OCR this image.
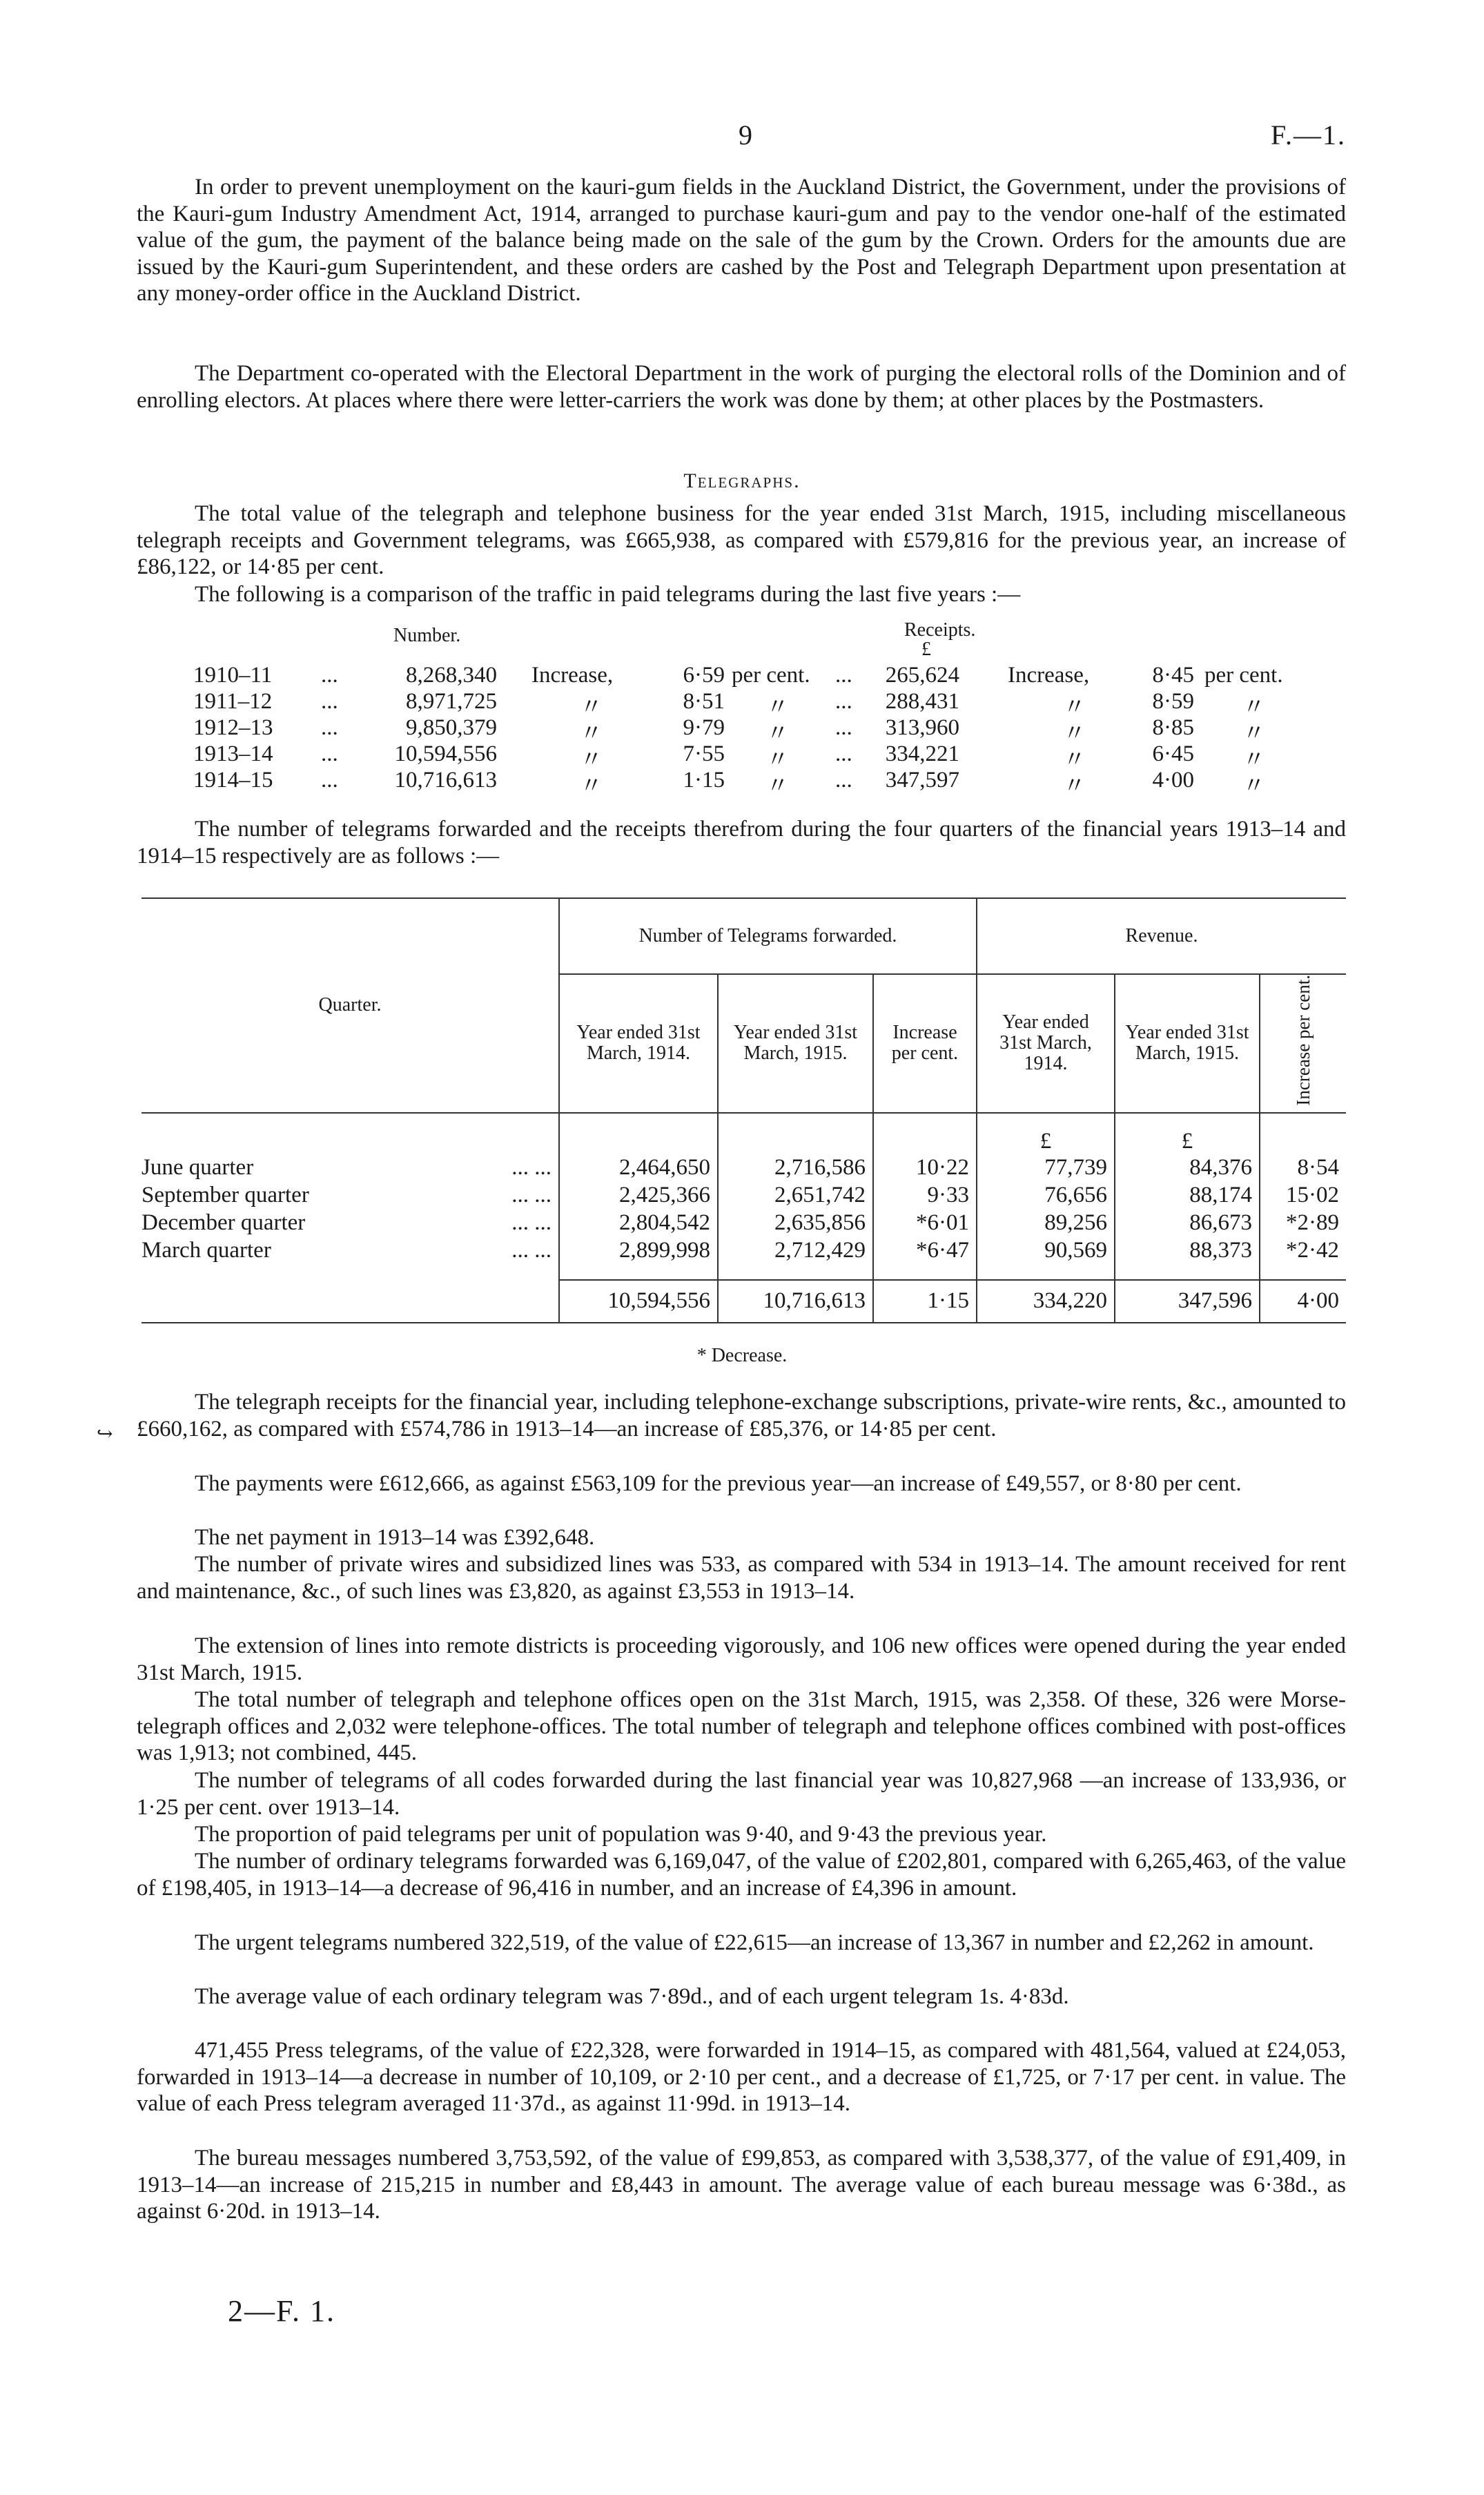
9	F.—1.

In order to prevent unemployment on the kauri-gum fields in the Auckland District, the Government, under the provisions of the Kauri-gum Industry Amendment Act, 1914, arranged to purchase kauri-gum and pay to the vendor one-half of the estimated value of the gum, the payment of the balance being made on the sale of the gum by the Crown. Orders for the amounts due are issued by the Kauri-gum Superintendent, and these orders are cashed by the Post and Telegraph Department upon presentation at any money-order office in the Auckland District.

The Department co-operated with the Electoral Department in the work of purging the electoral rolls of the Dominion and of enrolling electors. At places where there were letter-carriers the work was done by them; at other places by the Postmasters.

Telegraphs.

The total value of the telegraph and telephone business for the year ended 31st March, 1915, including miscellaneous telegraph receipts and Government telegrams, was £665,938, as compared with £579,816 for the previous year, an increase of £86,122, or 14·85 per cent.

The following is a comparison of the traffic in paid telegrams during the last five years :—

Number.	Receipts.
£
1910–11 ...	8,268,340 Increase,	6·59 per cent. ...	265,624 Increase,	8·45 per cent.
1911–12 ...	8,971,725	〃	8·51 〃 ...	288,431	〃	8·59 〃
1912–13 ...	9,850,379	〃	9·79 〃 ...	313,960	〃	8·85 〃
1913–14 ...	10,594,556	〃	7·55 〃 ...	334,221	〃	6·45 〃
1914–15 ...	10,716,613	〃	1·15 〃 ...	347,597	〃	4·00 〃

The number of telegrams forwarded and the receipts therefrom during the four quarters of the financial years 1913–14 and 1914–15 respectively are as follows :—

Quarter.	Number of Telegrams forwarded.			Revenue.		
	Year ended 31st March, 1914.	Year ended 31st March, 1915.	Increase per cent.	Year ended 31st March, 1914.	Year ended 31st March, 1915.	Increase per cent.
				£	£	
June quarter ... ...	2,464,650	2,716,586	10·22	77,739	84,376	8·54
September quarter ... ...	2,425,366	2,651,742	9·33	76,656	88,174	15·02
December quarter ... ...	2,804,542	2,635,856	*6·01	89,256	86,673	*2·89
March quarter ... ...	2,899,998	2,712,429	*6·47	90,569	88,373	*2·42

	10,594,556	10,716,613	1·15	334,220	347,596	4·00
* Decrease.
↪

The telegraph receipts for the financial year, including telephone-exchange subscriptions, private-wire rents, &c., amounted to £660,162, as compared with £574,786 in 1913–14—an increase of £85,376, or 14·85 per cent.

The payments were £612,666, as against £563,109 for the previous year—an increase of £49,557, or 8·80 per cent.

The net payment in 1913–14 was £392,648.

The number of private wires and subsidized lines was 533, as compared with 534 in 1913–14. The amount received for rent and maintenance, &c., of such lines was £3,820, as against £3,553 in 1913–14.

The extension of lines into remote districts is proceeding vigorously, and 106 new offices were opened during the year ended 31st March, 1915.

The total number of telegraph and telephone offices open on the 31st March, 1915, was 2,358. Of these, 326 were Morse-telegraph offices and 2,032 were telephone-offices. The total number of telegraph and telephone offices combined with post-offices was 1,913; not combined, 445.

The number of telegrams of all codes forwarded during the last financial year was 10,827,968 —an increase of 133,936, or 1·25 per cent. over 1913–14.

The proportion of paid telegrams per unit of population was 9·40, and 9·43 the previous year.

The number of ordinary telegrams forwarded was 6,169,047, of the value of £202,801, compared with 6,265,463, of the value of £198,405, in 1913–14—a decrease of 96,416 in number, and an increase of £4,396 in amount.

The urgent telegrams numbered 322,519, of the value of £22,615—an increase of 13,367 in number and £2,262 in amount.

The average value of each ordinary telegram was 7·89d., and of each urgent telegram 1s. 4·83d.

471,455 Press telegrams, of the value of £22,328, were forwarded in 1914–15, as compared with 481,564, valued at £24,053, forwarded in 1913–14—a decrease in number of 10,109, or 2·10 per cent., and a decrease of £1,725, or 7·17 per cent. in value. The value of each Press telegram averaged 11·37d., as against 11·99d. in 1913–14.

The bureau messages numbered 3,753,592, of the value of £99,853, as compared with 3,538,377, of the value of £91,409, in 1913–14—an increase of 215,215 in number and £8,443 in amount. The average value of each bureau message was 6·38d., as against 6·20d. in 1913–14.

2—F. 1.
